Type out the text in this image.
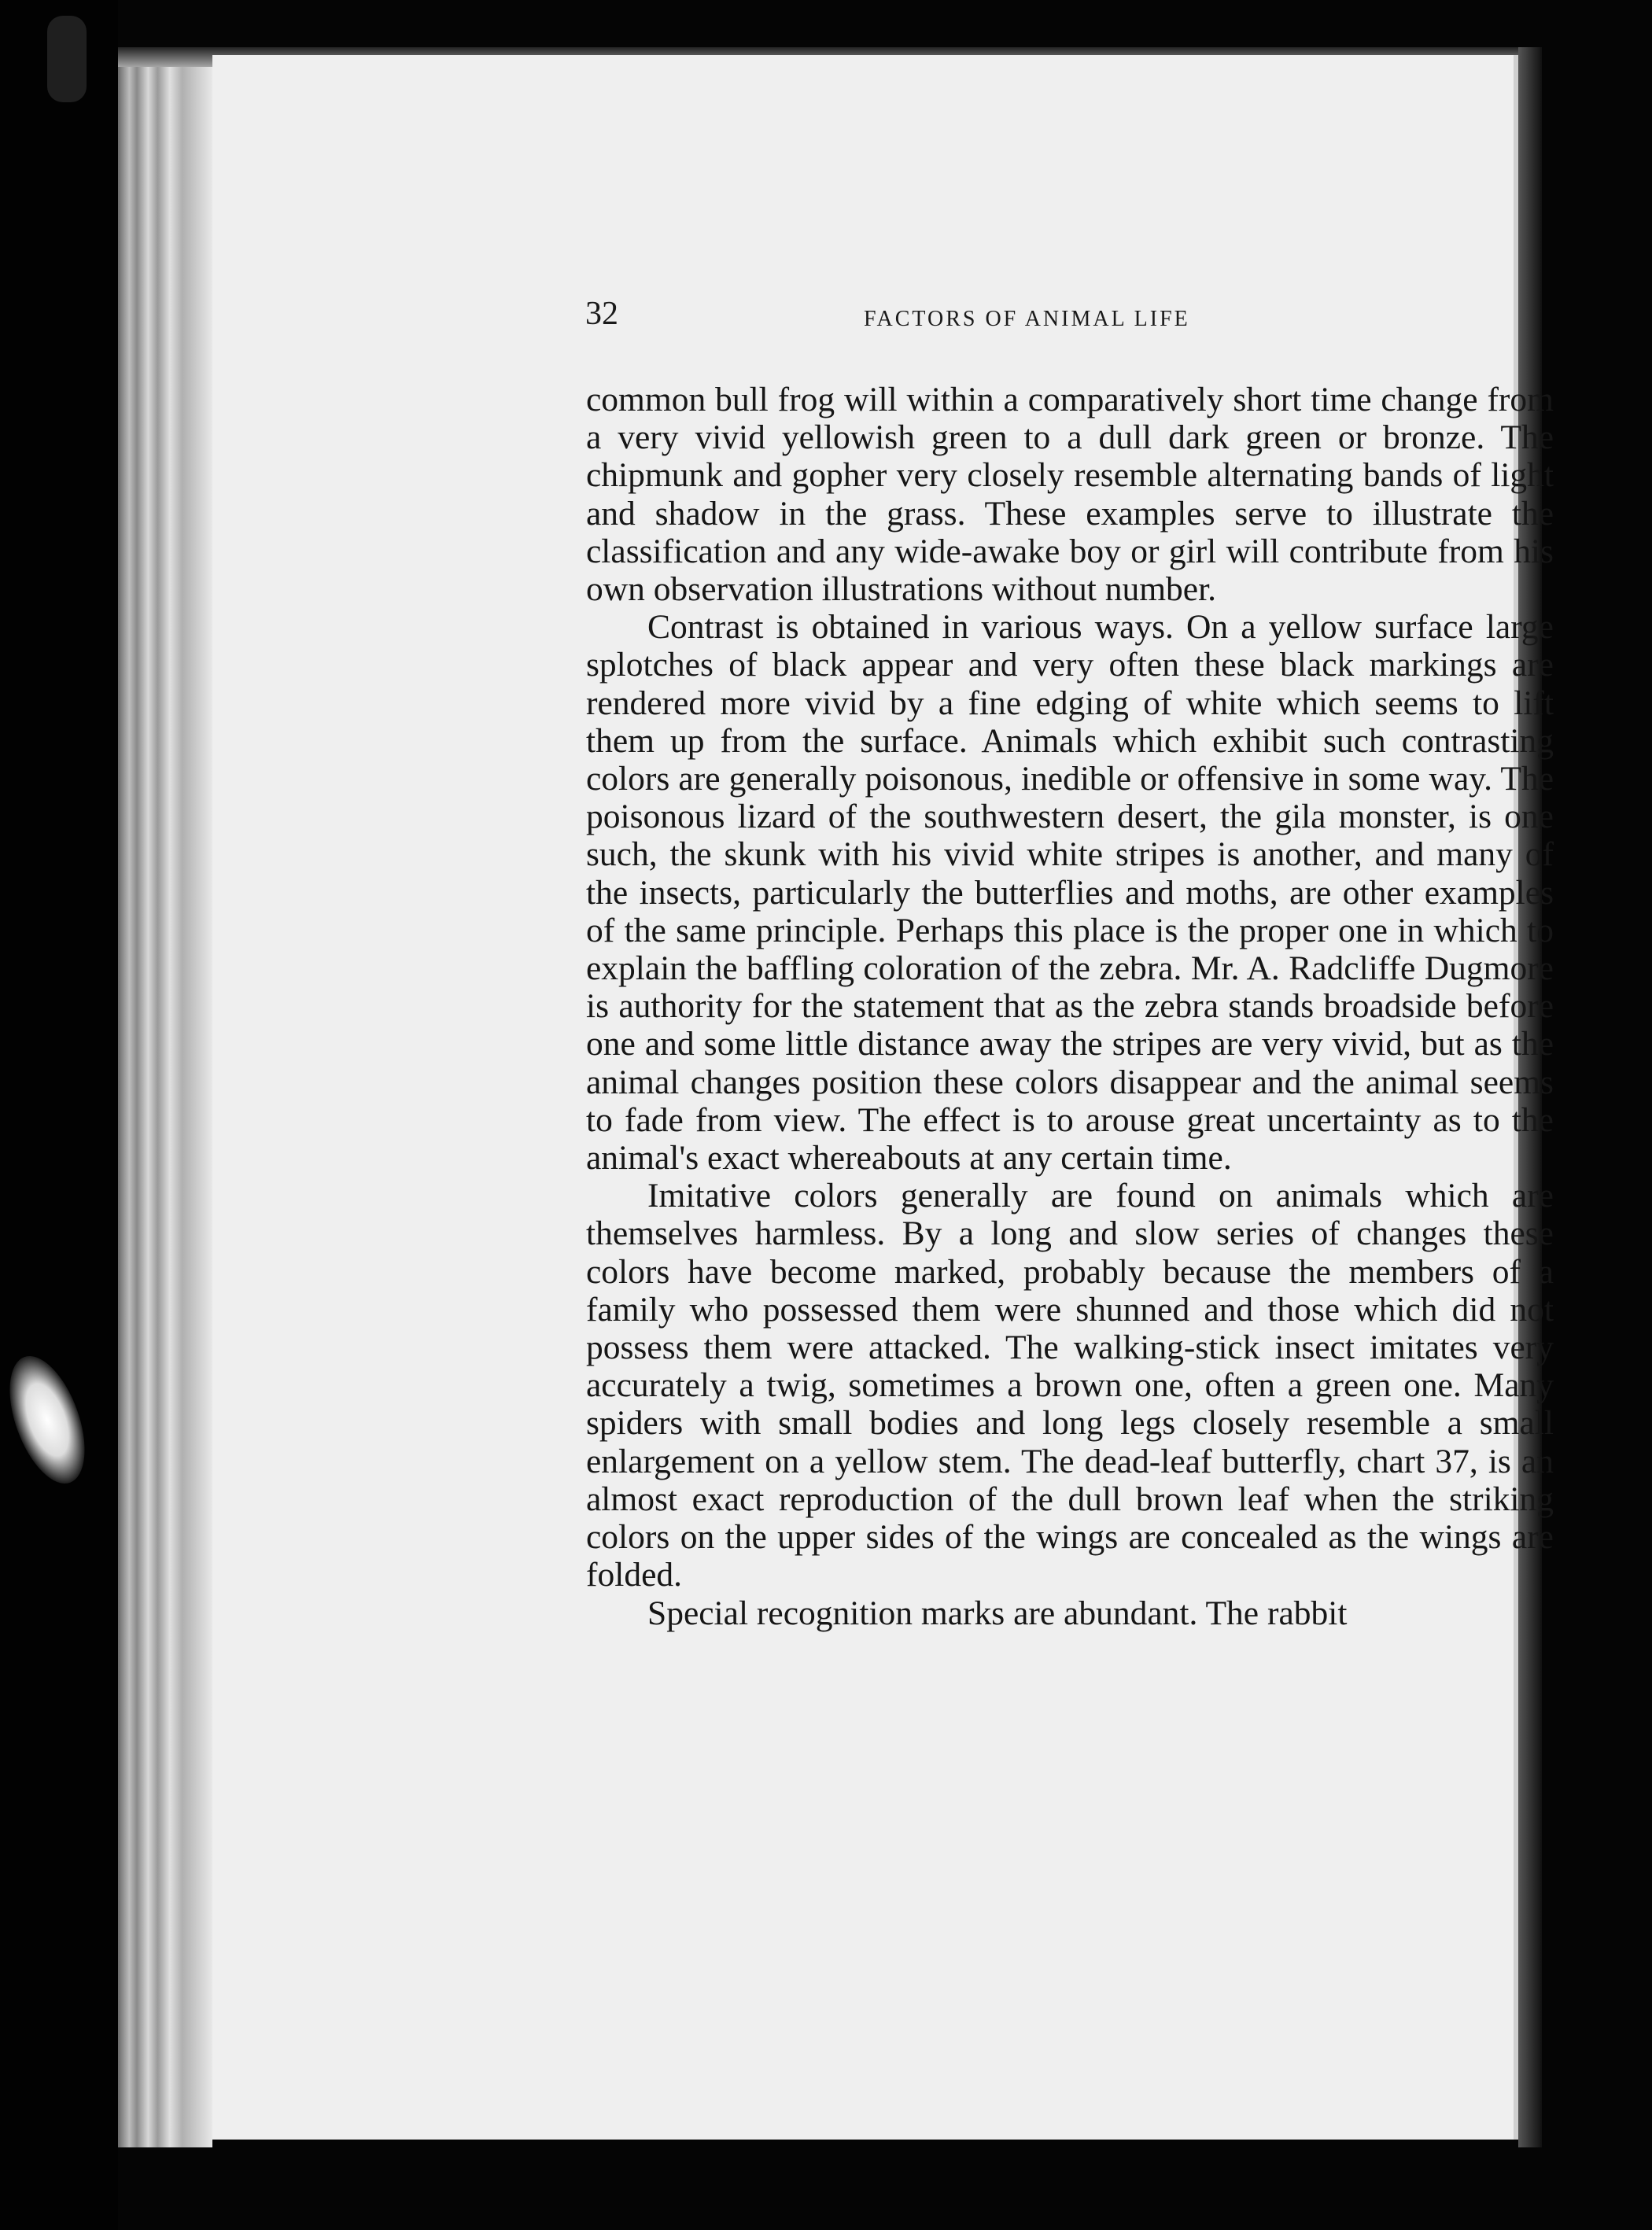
32	FACTORS OF ANIMAL LIFE

common bull frog will within a comparatively short time change from a very vivid yellowish green to a dull dark green or bronze. The chipmunk and gopher very closely resemble alternating bands of light and shadow in the grass. These examples serve to illustrate the classification and any wide-awake boy or girl will contribute from his own observation illustrations without number.

Contrast is obtained in various ways. On a yellow surface large splotches of black appear and very often these black markings are rendered more vivid by a fine edging of white which seems to lift them up from the surface. Animals which exhibit such contrasting colors are generally poisonous, inedible or offensive in some way. The poisonous lizard of the southwestern desert, the gila monster, is one such, the skunk with his vivid white stripes is another, and many of the insects, particularly the butterflies and moths, are other examples of the same principle. Perhaps this place is the proper one in which to explain the baffling coloration of the zebra. Mr. A. Radcliffe Dugmore is authority for the statement that as the zebra stands broadside before one and some little distance away the stripes are very vivid, but as the animal changes position these colors disappear and the animal seems to fade from view. The effect is to arouse great uncertainty as to the animal's exact whereabouts at any certain time.

Imitative colors generally are found on animals which are themselves harmless. By a long and slow series of changes these colors have become marked, probably because the members of a family who possessed them were shunned and those which did not possess them were attacked. The walking-stick insect imitates very accurately a twig, sometimes a brown one, often a green one. Many spiders with small bodies and long legs closely resemble a small enlargement on a yellow stem. The dead-leaf butterfly, chart 37, is an almost exact reproduction of the dull brown leaf when the striking colors on the upper sides of the wings are concealed as the wings are folded.

Special recognition marks are abundant. The rabbit
